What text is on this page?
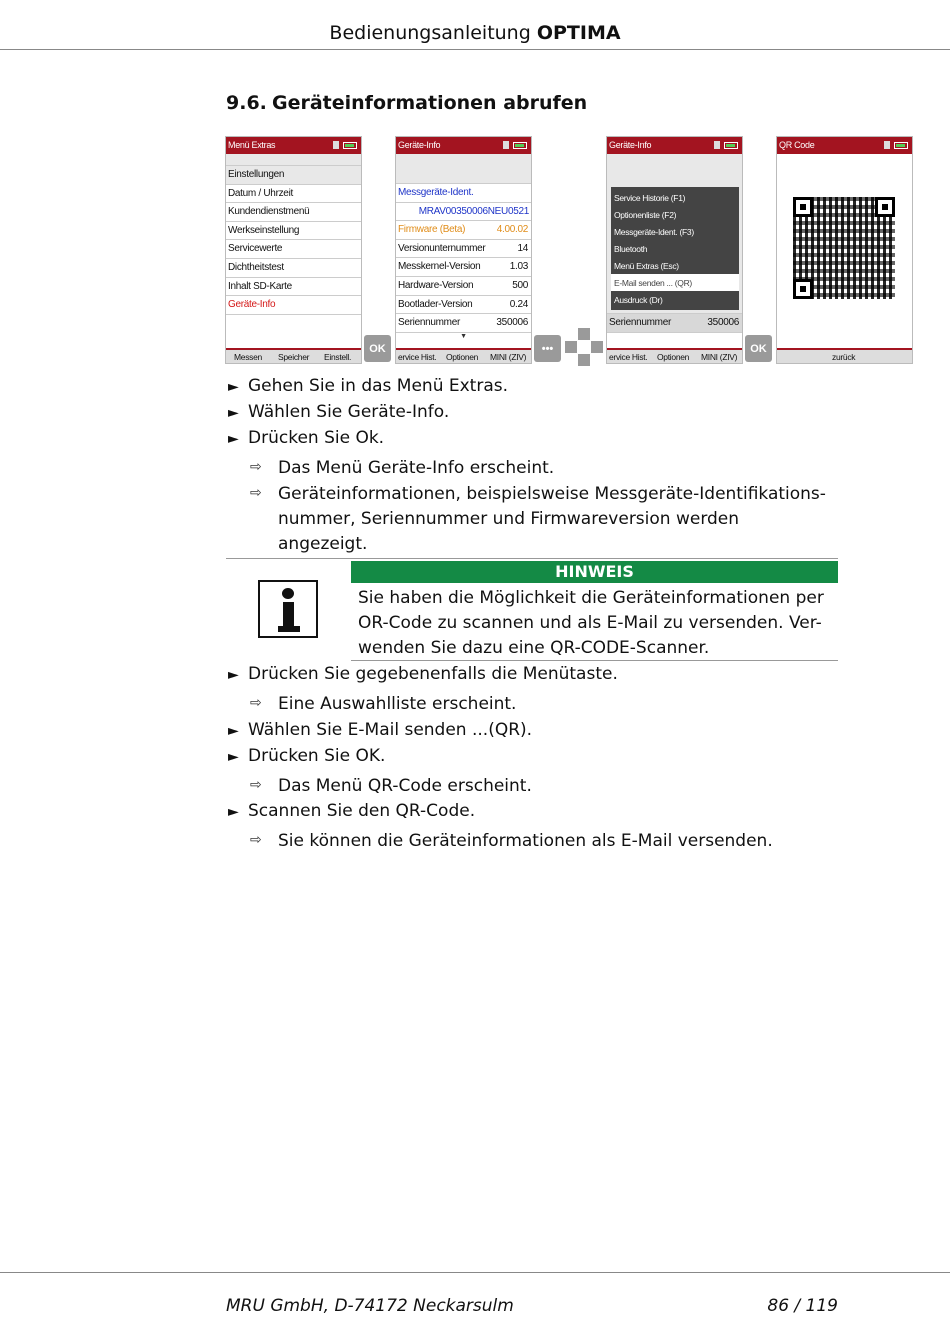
Bedienungsanleitung OPTIMA
9.6. Geräteinformationen abrufen
Menü Extras
Einstellungen
Datum / Uhrzeit
Kundendienstmenü
Werkseinstellung
Servicewerte
Dichtheitstest
Inhalt SD-Karte
Geräte-Info
Messen Speicher Einstell.
OK
Geräte-Info
Messgeräte-Ident.
MRAV00350006NEU0521
Firmware (Beta)	4.00.02
Versionunternummer	14
Messkernel-Version	1.03
Hardware-Version	500
Bootlader-Version	0.24
Seriennummer	350006
▼
ervice Hist. Optionen MINI (ZIV)
•••
Geräte-Info
Seriennummer	350006
Service Historie (F1)
Optionenliste (F2)
Messgeräte-Ident. (F3)
Bluetooth
Menü Extras (Esc)
E-Mail senden ... (QR)
Ausdruck (Dr)
ervice Hist. Optionen MINI (ZIV)
OK
QR Code
zurück
► Gehen Sie in das Menü Extras.
► Wählen Sie Geräte-Info.
► Drücken Sie Ok.
⇨ Das Menü Geräte-Info erscheint.
⇨ Geräteinformationen, beispielsweise Messgeräte-Identifikations-nummer, Seriennummer und Firmwareversion werden angezeigt.
HINWEIS
Sie haben die Möglichkeit die Geräteinformationen per OR-Code zu scannen und als E-Mail zu versenden. Ver-wenden Sie dazu eine QR-CODE-Scanner.
► Drücken Sie gegebenenfalls die Menütaste.
⇨ Eine Auswahlliste erscheint.
► Wählen Sie E-Mail senden ...(QR).
► Drücken Sie OK.
⇨ Das Menü QR-Code erscheint.
► Scannen Sie den QR-Code.
⇨ Sie können die Geräteinformationen als E-Mail versenden.
MRU GmbH, D-74172 Neckarsulm	86 / 119
